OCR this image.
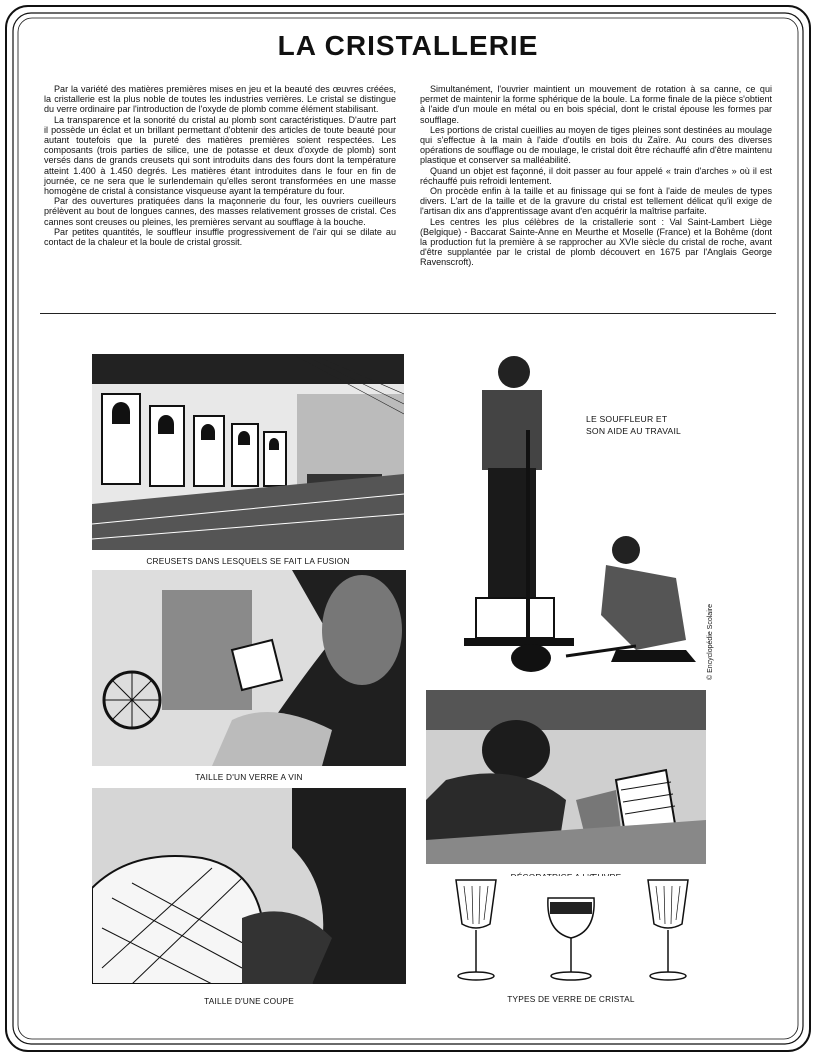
LA CRISTALLERIE

Par la variété des matières premières mises en jeu et la beauté des œuvres créées, la cristallerie est la plus noble de toutes les industries verrières. Le cristal se distingue du verre ordinaire par l'introduction de l'oxyde de plomb comme élément stabilisant.

La transparence et la sonorité du cristal au plomb sont caractéristiques. D'autre part il possède un éclat et un brillant permettant d'obtenir des articles de toute beauté pour autant toutefois que la pureté des matières premières soient respectées. Les composants (trois parties de silice, une de potasse et deux d'oxyde de plomb) sont versés dans de grands creusets qui sont introduits dans des fours dont la température atteint 1.400 à 1.450 degrés. Les matières étant introduites dans le four en fin de journée, ce ne sera que le surlendemain qu'elles seront transformées en une masse homogène de cristal à consistance visqueuse ayant la température du four.

Par des ouvertures pratiquées dans la maçonnerie du four, les ouvriers cueilleurs prélèvent au bout de longues cannes, des masses relativement grosses de cristal. Ces cannes sont creuses ou pleines, les premières servant au soufflage à la bouche.

Par petites quantités, le souffleur insuffle progressivement de l'air qui se dilate au contact de la chaleur et la boule de cristal grossit.

Simultanément, l'ouvrier maintient un mouvement de rotation à sa canne, ce qui permet de maintenir la forme sphérique de la boule. La forme finale de la pièce s'obtient à l'aide d'un moule en métal ou en bois spécial, dont le cristal épouse les formes par soufflage.

Les portions de cristal cueillies au moyen de tiges pleines sont destinées au moulage qui s'effectue à la main à l'aide d'outils en bois du Zaïre. Au cours des diverses opérations de soufflage ou de moulage, le cristal doit être réchauffé afin d'être maintenu plastique et conserver sa malléabilité.

Quand un objet est façonné, il doit passer au four appelé « train d'arches » où il est réchauffé puis refroidi lentement.

On procède enfin à la taille et au finissage qui se font à l'aide de meules de types divers. L'art de la taille et de la gravure du cristal est tellement délicat qu'il exige de l'artisan dix ans d'apprentissage avant d'en acquérir la maîtrise parfaite.

Les centres les plus célèbres de la cristallerie sont : Val Saint-Lambert Liège (Belgique) - Baccarat Sainte-Anne en Meurthe et Moselle (France) et la Bohême (dont la production fut la première à se rapprocher au XVIe siècle du cristal de roche, avant d'être supplantée par le cristal de plomb découvert en 1675 par l'Anglais George Ravenscroft).

CREUSETS DANS LESQUELS SE FAIT LA FUSION
LE SOUFFLEUR ET
SON AIDE AU TRAVAIL
© Encyclopédie Scolaire
TAILLE D'UN VERRE A VIN
TAILLE D'UNE COUPE	TYPES DE VERRE DE CRISTAL
